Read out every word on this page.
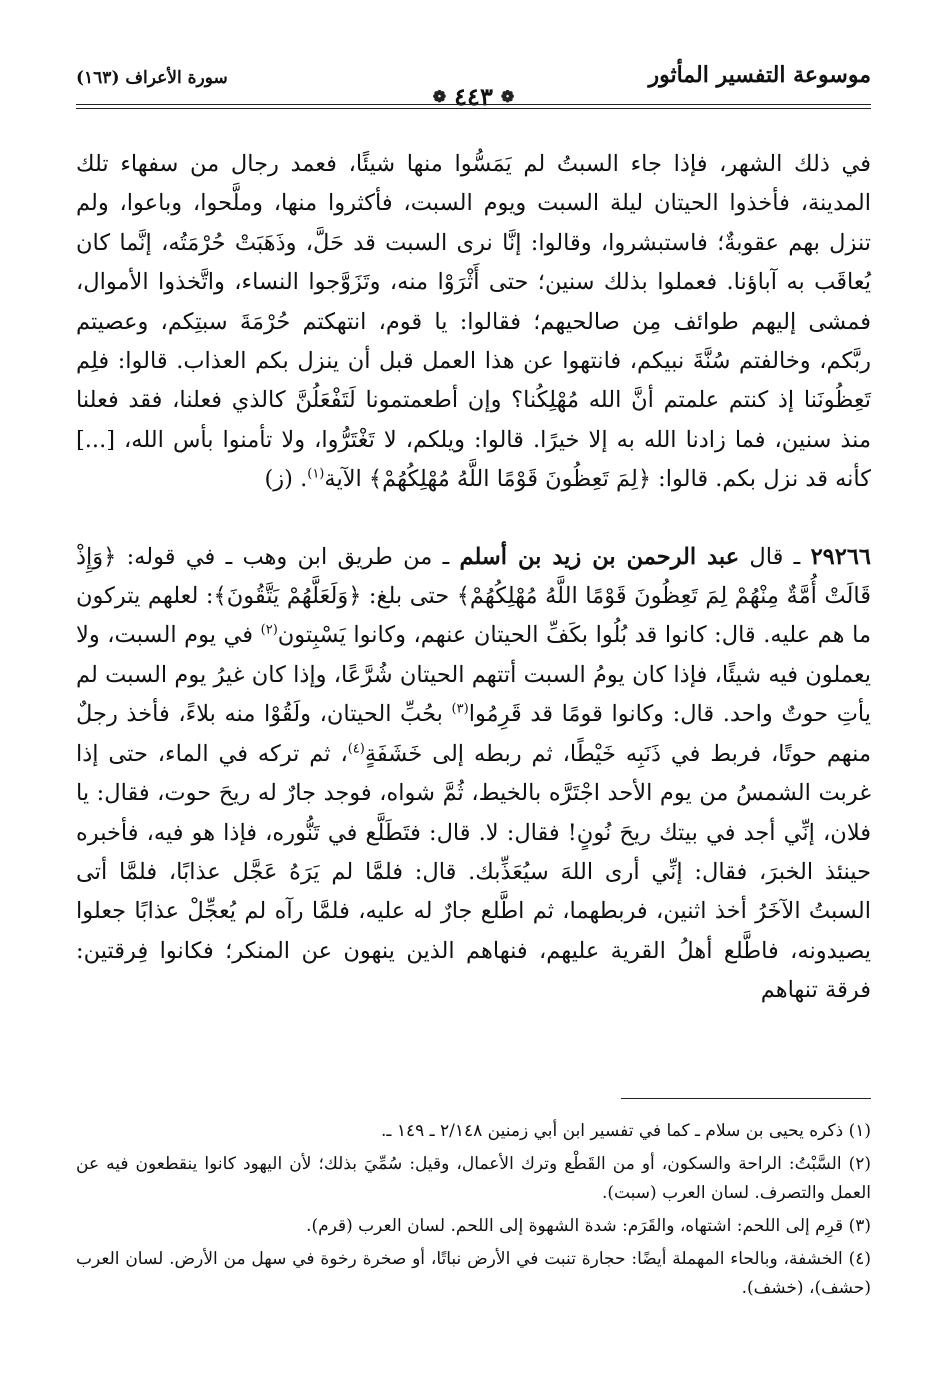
موسوعة التفسير المأثور
❁
٤٤٣
❁
سورة الأعراف (١٦٣)

في ذلك الشهر، فإذا جاء السبتُ لم يَمَسُّوا منها شيئًا، فعمد رجال من سفهاء تلك المدينة، فأخذوا الحيتان ليلة السبت ويوم السبت، فأكثروا منها، وملَّحوا، وباعوا، ولم تنزل بهم عقوبةٌ؛ فاستبشروا، وقالوا: إنَّا نرى السبت قد حَلَّ، وذَهَبَتْ حُرْمَتُه، إنَّما كان يُعاقَب به آباؤنا. فعملوا بذلك سنين؛ حتى أَثْرَوْا منه، وتَزَوَّجوا النساء، واتَّخذوا الأموال، فمشى إليهم طوائف مِن صالحيهم؛ فقالوا: يا قوم، انتهكتم حُرْمَةَ سبتِكم، وعصيتم ربَّكم، وخالفتم سُنَّةَ نبيكم، فانتهوا عن هذا العمل قبل أن ينزل بكم العذاب. قالوا: فلِم تَعِظُونَنا إذ كنتم علمتم أنَّ الله مُهْلِكُنا؟ وإن أطعمتمونا لَتَفْعَلُنَّ كالذي فعلنا، فقد فعلنا منذ سنين، فما زادنا الله به إلا خيرًا. قالوا: ويلكم، لا تَغْتَرُّوا، ولا تأمنوا بأس الله، [...] كأنه قد نزل بكم. قالوا: ﴿لِمَ تَعِظُونَ قَوْمًا اللَّهُ مُهْلِكُهُمْ﴾ الآية$^{(١)}$. (ز)

٢٩٢٦٦ ـ قال عبد الرحمن بن زيد بن أسلم ـ من طريق ابن وهب ـ في قوله: ﴿وَإِذْ قَالَتْ أُمَّةٌ مِنْهُمْ لِمَ تَعِظُونَ قَوْمًا اللَّهُ مُهْلِكُهُمْ﴾ حتى بلغ: ﴿وَلَعَلَّهُمْ يَتَّقُونَ﴾: لعلهم يتركون ما هم عليه. قال: كانوا قد بُلُوا بكَفِّ الحيتان عنهم، وكانوا يَسْبِتون$^{(٢)}$ في يوم السبت، ولا يعملون فيه شيئًا، فإذا كان يومُ السبت أتتهم الحيتان شُرَّعًا، وإذا كان غيرُ يوم السبت لم يأتِ حوتٌ واحد. قال: وكانوا قومًا قد قَرِمُوا$^{(٣)}$ بحُبِّ الحيتان، ولَقُوْا منه بلاءً، فأخذ رجلٌ منهم حوتًا، فربط في ذَنَبِه خَيْطًا، ثم ربطه إلى خَشَفَةٍ$^{(٤)}$، ثم تركه في الماء، حتى إذا غربت الشمسُ من يوم الأحد اجْتَرَّه بالخيط، ثُمَّ شواه، فوجد جارٌ له ريحَ حوت، فقال: يا فلان، إنِّي أجد في بيتك ريحَ نُونٍ! فقال: لا. قال: فتَطَلَّع في تَنُّوره، فإذا هو فيه، فأخبره حينئذ الخبرَ، فقال: إنِّي أرى اللهَ سيُعَذِّبك. قال: فلمَّا لم يَرَهُ عَجَّل عذابًا، فلمَّا أتى السبتُ الآخَرُ أخذ اثنين، فربطهما، ثم اطَّلع جارٌ له عليه، فلمَّا رآه لم يُعجِّلْ عذابًا جعلوا يصيدونه، فاطَّلع أهلُ القرية عليهم، فنهاهم الذين ينهون عن المنكر؛ فكانوا فِرقتين: فرقة تنهاهم

(١) ذكره يحيى بن سلام ـ كما في تفسير ابن أبي زمنين ٢/١٤٨ ـ ١٤٩ ـ.

(٢) السَّبْتُ: الراحة والسكون، أو من القَطْع وترك الأعمال، وقيل: سُمِّيَ بذلك؛ لأن اليهود كانوا ينقطعون فيه عن العمل والتصرف. لسان العرب (سبت).

(٣) قرِم إلى اللحم: اشتهاه، والقَرَم: شدة الشهوة إلى اللحم. لسان العرب (قرم).

(٤) الخشفة، وبالحاء المهملة أيضًا: حجارة تنبت في الأرض نباتًا، أو صخرة رخوة في سهل من الأرض. لسان العرب (حشف)، (خشف).
